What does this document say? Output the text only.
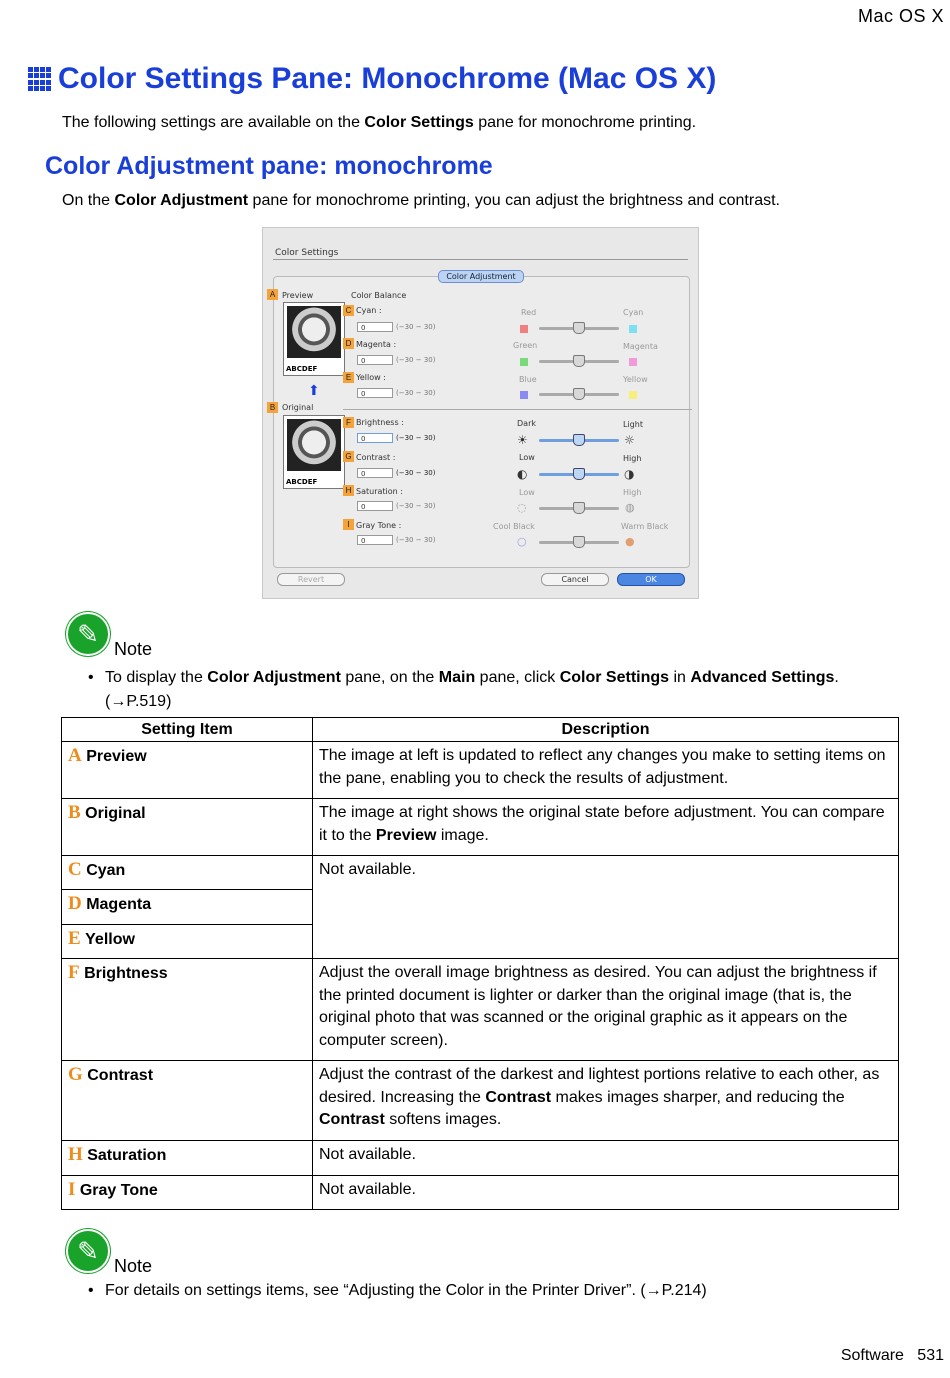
Mac OS X
Color Settings Pane: Monochrome (Mac OS X)
The following settings are available on the Color Settings pane for monochrome printing.
Color Adjustment pane: monochrome
On the Color Adjustment pane for monochrome printing, you can adjust the brightness and contrast.
Color Settings
Color Adjustment
A Preview
ABCDEF
⬆
B Original
ABCDEF
Color Balance
C Cyan :
0	(−30 − 30)
D Magenta :
0	(−30 − 30)
E Yellow :
0	(−30 − 30)
F Brightness :
0	(−30 − 30)
G Contrast :
0	(−30 − 30)
H Saturation :
0	(−30 − 30)
I Gray Tone :
0	(−30 − 30)
Red	Cyan
Green	Magenta
Blue	Yellow
Dark	Light
☀	☼
Low	High
◐	◑
Low	High
◌	◍
Cool Black	Warm Black
○	●
Revert	Cancel	OK
✎
Note
• To display the Color Adjustment pane, on the Main pane, click Color Settings in Advanced Settings.
(→P.519)
Setting Item	Description
A Preview	The image at left is updated to reflect any changes you make to setting items on the pane, enabling you to check the results of adjustment.
B Original	The image at right shows the original state before adjustment. You can compare it to the Preview image.
C Cyan	Not available.
D Magenta	
E Yellow	
F Brightness	Adjust the overall image brightness as desired. You can adjust the brightness if the printed document is lighter or darker than the original image (that is, the original photo that was scanned or the original graphic as it appears on the computer screen).
G Contrast	Adjust the contrast of the darkest and lightest portions relative to each other, as desired. Increasing the Contrast makes images sharper, and reducing the Contrast softens images.
H Saturation	Not available.
I Gray Tone	Not available.
✎
Note
• For details on settings items, see “Adjusting the Color in the Printer Driver”. (→P.214)
Software 531
